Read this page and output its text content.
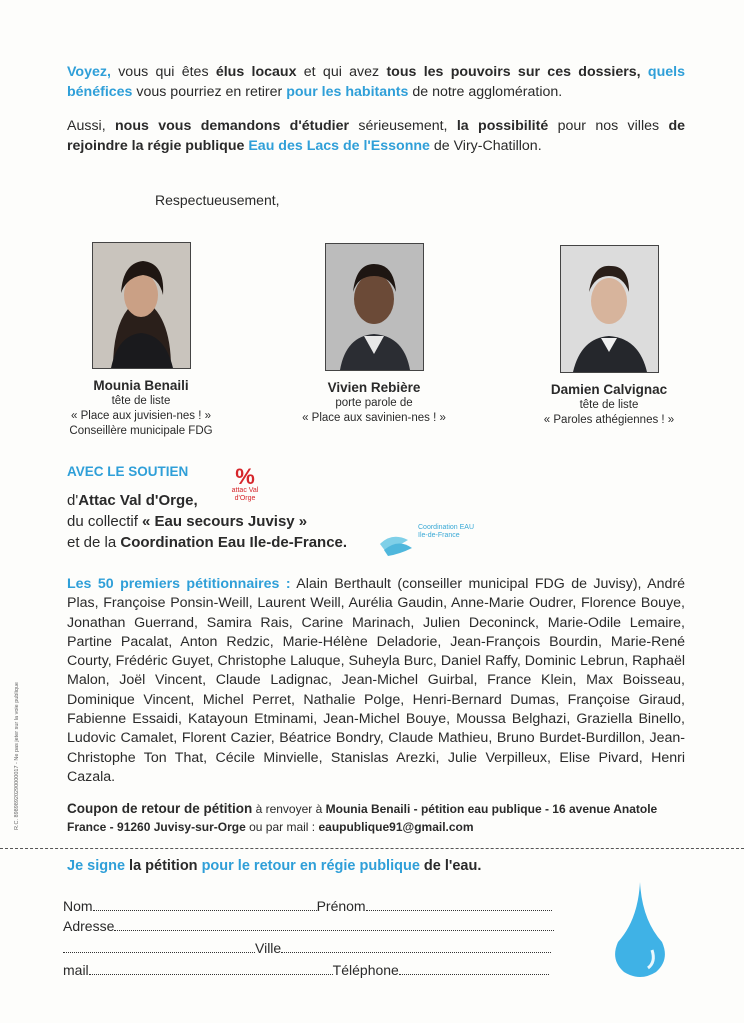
Voyez, vous qui êtes élus locaux et qui avez tous les pouvoirs sur ces dossiers, quels bénéfices vous pourriez en retirer pour les habitants de notre agglomération.
Aussi, nous vous demandons d'étudier sérieusement, la possibilité pour nos villes de rejoindre la régie publique Eau des Lacs de l'Essonne de Viry-Chatillon.
Respectueusement,
Mounia Benaili
tête de liste
« Place aux juvisien-nes ! »
Conseillère municipale FDG
Vivien Rebière
porte parole de
« Place aux savinien-nes ! »
Damien Calvignac
tête de liste
« Paroles athégiennes ! »
AVEC LE SOUTIEN	%
attac Val d'Orge
d'Attac Val d'Orge,
du collectif « Eau secours Juvisy »
et de la Coordination Eau Ile-de-France.
Coordination EAU Ile-de-France
Les 50 premiers pétitionnaires : Alain Berthault (conseiller municipal FDG de Juvisy), André Plas, Françoise Ponsin-Weill, Laurent Weill, Aurélia Gaudin, Anne-Marie Oudrer, Florence Bouye, Jonathan Guerrand, Samira Rais, Carine Marinach, Julien Deconinck, Marie-Odile Lemaire, Partine Pacalat, Anton Redzic, Marie-Hélène Deladorie, Jean-François Bourdin, Marie-René Courty, Frédéric Guyet, Christophe Laluque, Suheyla Burc, Daniel Raffy, Dominic Lebrun, Raphaël Malon, Joël Vincent, Claude Ladignac, Jean-Michel Guirbal, France Klein, Max Boisseau, Dominique Vincent, Michel Perret, Nathalie Polge, Henri-Bernard Dumas, Françoise Giraud, Fabienne Essaidi, Katayoun Etminami, Jean-Michel Bouye, Moussa Belghazi, Graziella Binello, Ludovic Camalet, Florent Cazier, Béatrice Bondry, Claude Mathieu, Bruno Burdet-Burdillon, Jean-Christophe Ton That, Cécile Minvielle, Stanislas Arezki, Julie Verpilleux, Elise Pivard, Henri Cazala.
R.C. 89898920290000017 - Ne pas jeter sur la voie publique	Coupon de retour de pétition à renvoyer à Mounia Benaili - pétition eau publique - 16 avenue Anatole France - 91260 Juvisy-sur-Orge ou par mail : eaupublique91@gmail.com
Je signe la pétition pour le retour en régie publique de l'eau.
Nom	Prénom
Adresse
Ville
mail	Téléphone
